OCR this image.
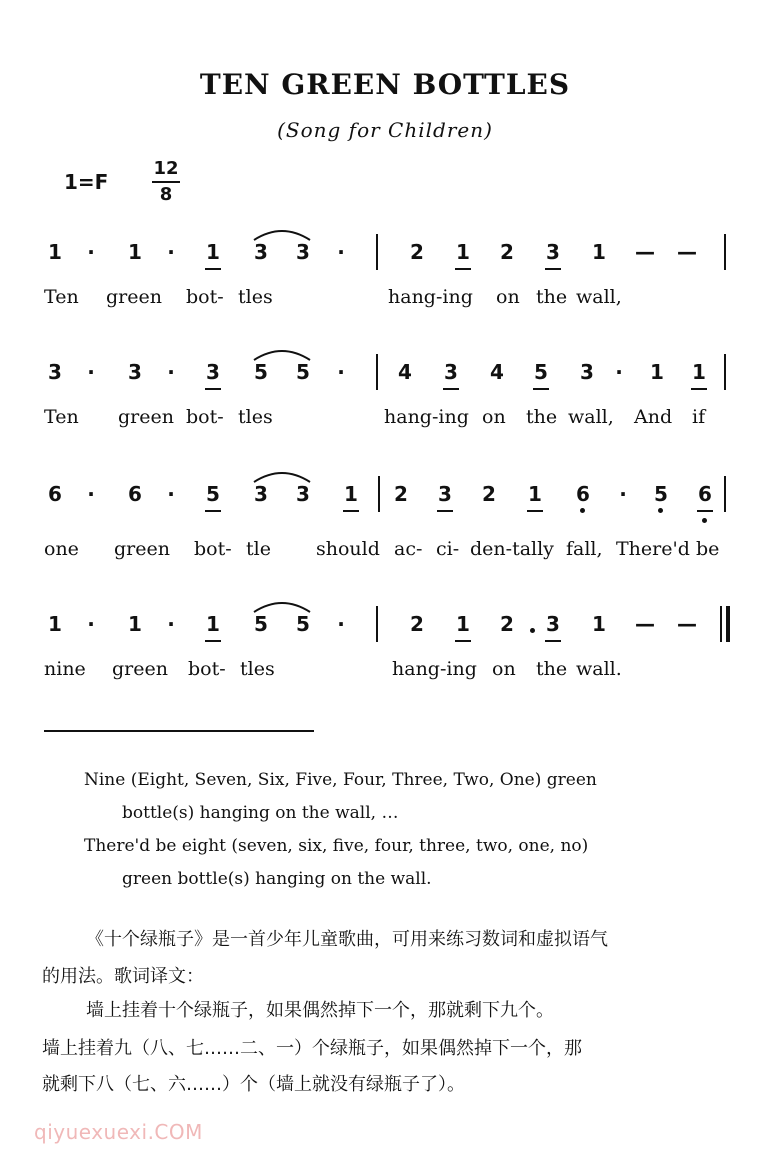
TEN GREEN BOTTLES
(Song for Children)
1=F
12
8
1	·	1	·	1 3 3	·	2 1 2 3 1 — —
Ten green bot- tles	hang-ing on the wall,
3	·	3	·	3 5 5	·	4 3 4 5 3	·	1 1
Ten green bot- tles	hang-ing on the wall, And if
6	·	6	·	5 3 3 1 2 3 2 1 6	·	5 6
one green bot- tle should ac- ci- den-tally fall, There'd be
1	·	1	·	1 5 5	·	2 1 2 3 1 — —
nine green bot- tles	hang-ing on the wall.
Nine (Eight, Seven, Six, Five, Four, Three, Two, One) green
bottle(s) hanging on the wall, …
There'd be eight (seven, six, five, four, three, two, one, no)
green bottle(s) hanging on the wall.
《十个绿瓶子》是一首少年儿童歌曲，可用来练习数词和虚拟语气
的用法。歌词译文：
墙上挂着十个绿瓶子，如果偶然掉下一个，那就剩下九个。
墙上挂着九（八、七……二、一）个绿瓶子，如果偶然掉下一个，那
就剩下八（七、六……）个（墙上就没有绿瓶子了）。
qiyuexuexi.COM
